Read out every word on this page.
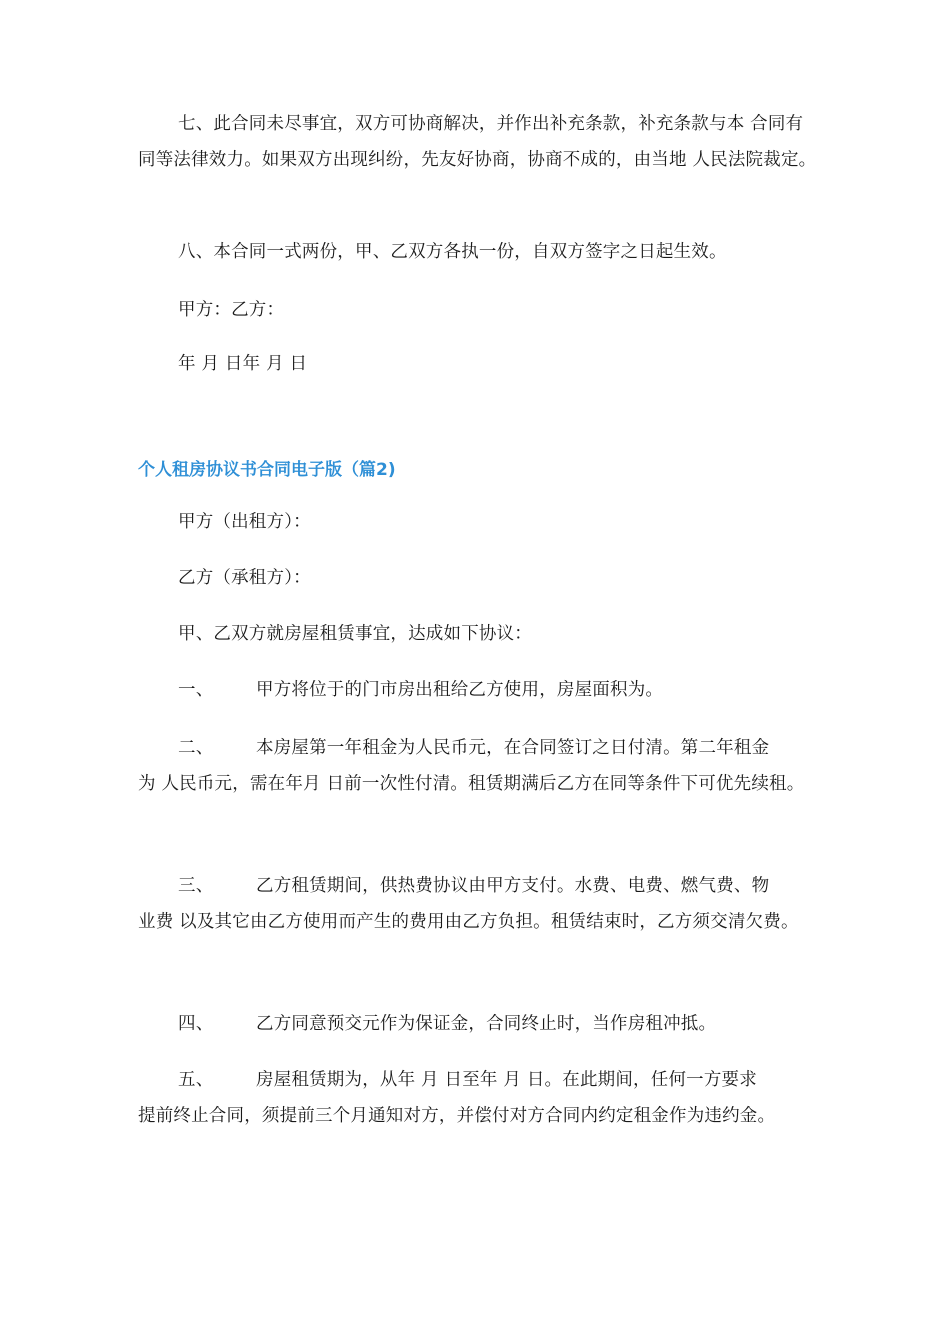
七、此合同未尽事宜，双方可协商解决，并作出补充条款，补充条款与本 合同有同等法律效力。如果双方出现纠纷，先友好协商，协商不成的，由当地 人民法院裁定。

八、本合同一式两份，甲、乙双方各执一份，自双方签字之日起生效。

甲方：乙方：

年 月 日年 月 日

个人租房协议书合同电子版（篇2)

甲方（出租方）：

乙方（承租方）：

甲、乙双方就房屋租赁事宜，达成如下协议：

一、 甲方将位于的门市房出租给乙方使用，房屋面积为。
二、 本房屋第一年租金为人民币元，在合同签订之日付清。第二年租金
为 人民币元，需在年月 日前一次性付清。租赁期满后乙方在同等条件下可优先续租。
三、 乙方租赁期间，供热费协议由甲方支付。水费、电费、燃气费、物
业费 以及其它由乙方使用而产生的费用由乙方负担。租赁结束时，乙方须交清欠费。
四、 乙方同意预交元作为保证金，合同终止时，当作房租冲抵。
五、 房屋租赁期为，从年 月 日至年 月 日。在此期间，任何一方要求
提前终止合同，须提前三个月通知对方，并偿付对方合同内约定租金作为违约金。
